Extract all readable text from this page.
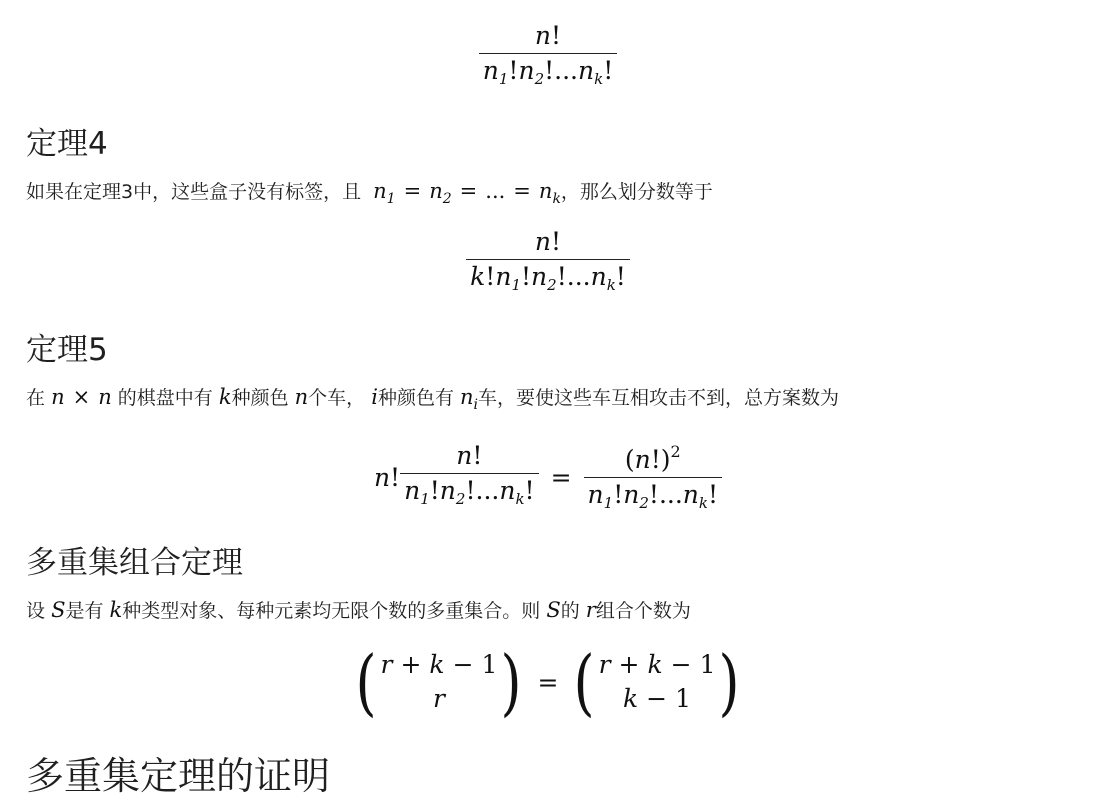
$\frac{n!}{n_1!n_2!...n_k!}$
定理4

如果在定理3中，这些盒子没有标签，且 $n_1 = n_2$ = ... = $n_k$，那么划分数等于

$\frac{n!}{k!n_1!n_2!...n_k!}$
定理5

在 n × n 的棋盘中有 k种颜色 n个车， i种颜色有 $n_i$车，要使这些车互相攻击不到，总方案数为

n! $\frac{n!}{n_1!n_2!...n_k!} = \frac{(n!)^2}{n_1!n_2!...n_k!}$
多重集组合定理

设 S是有 k种类型对象、每种元素均无限个数的多重集合。则 S的 r组合个数为

( r + k − 1
r ) = ( r + k − 1
k − 1 )
多重集定理的证明
